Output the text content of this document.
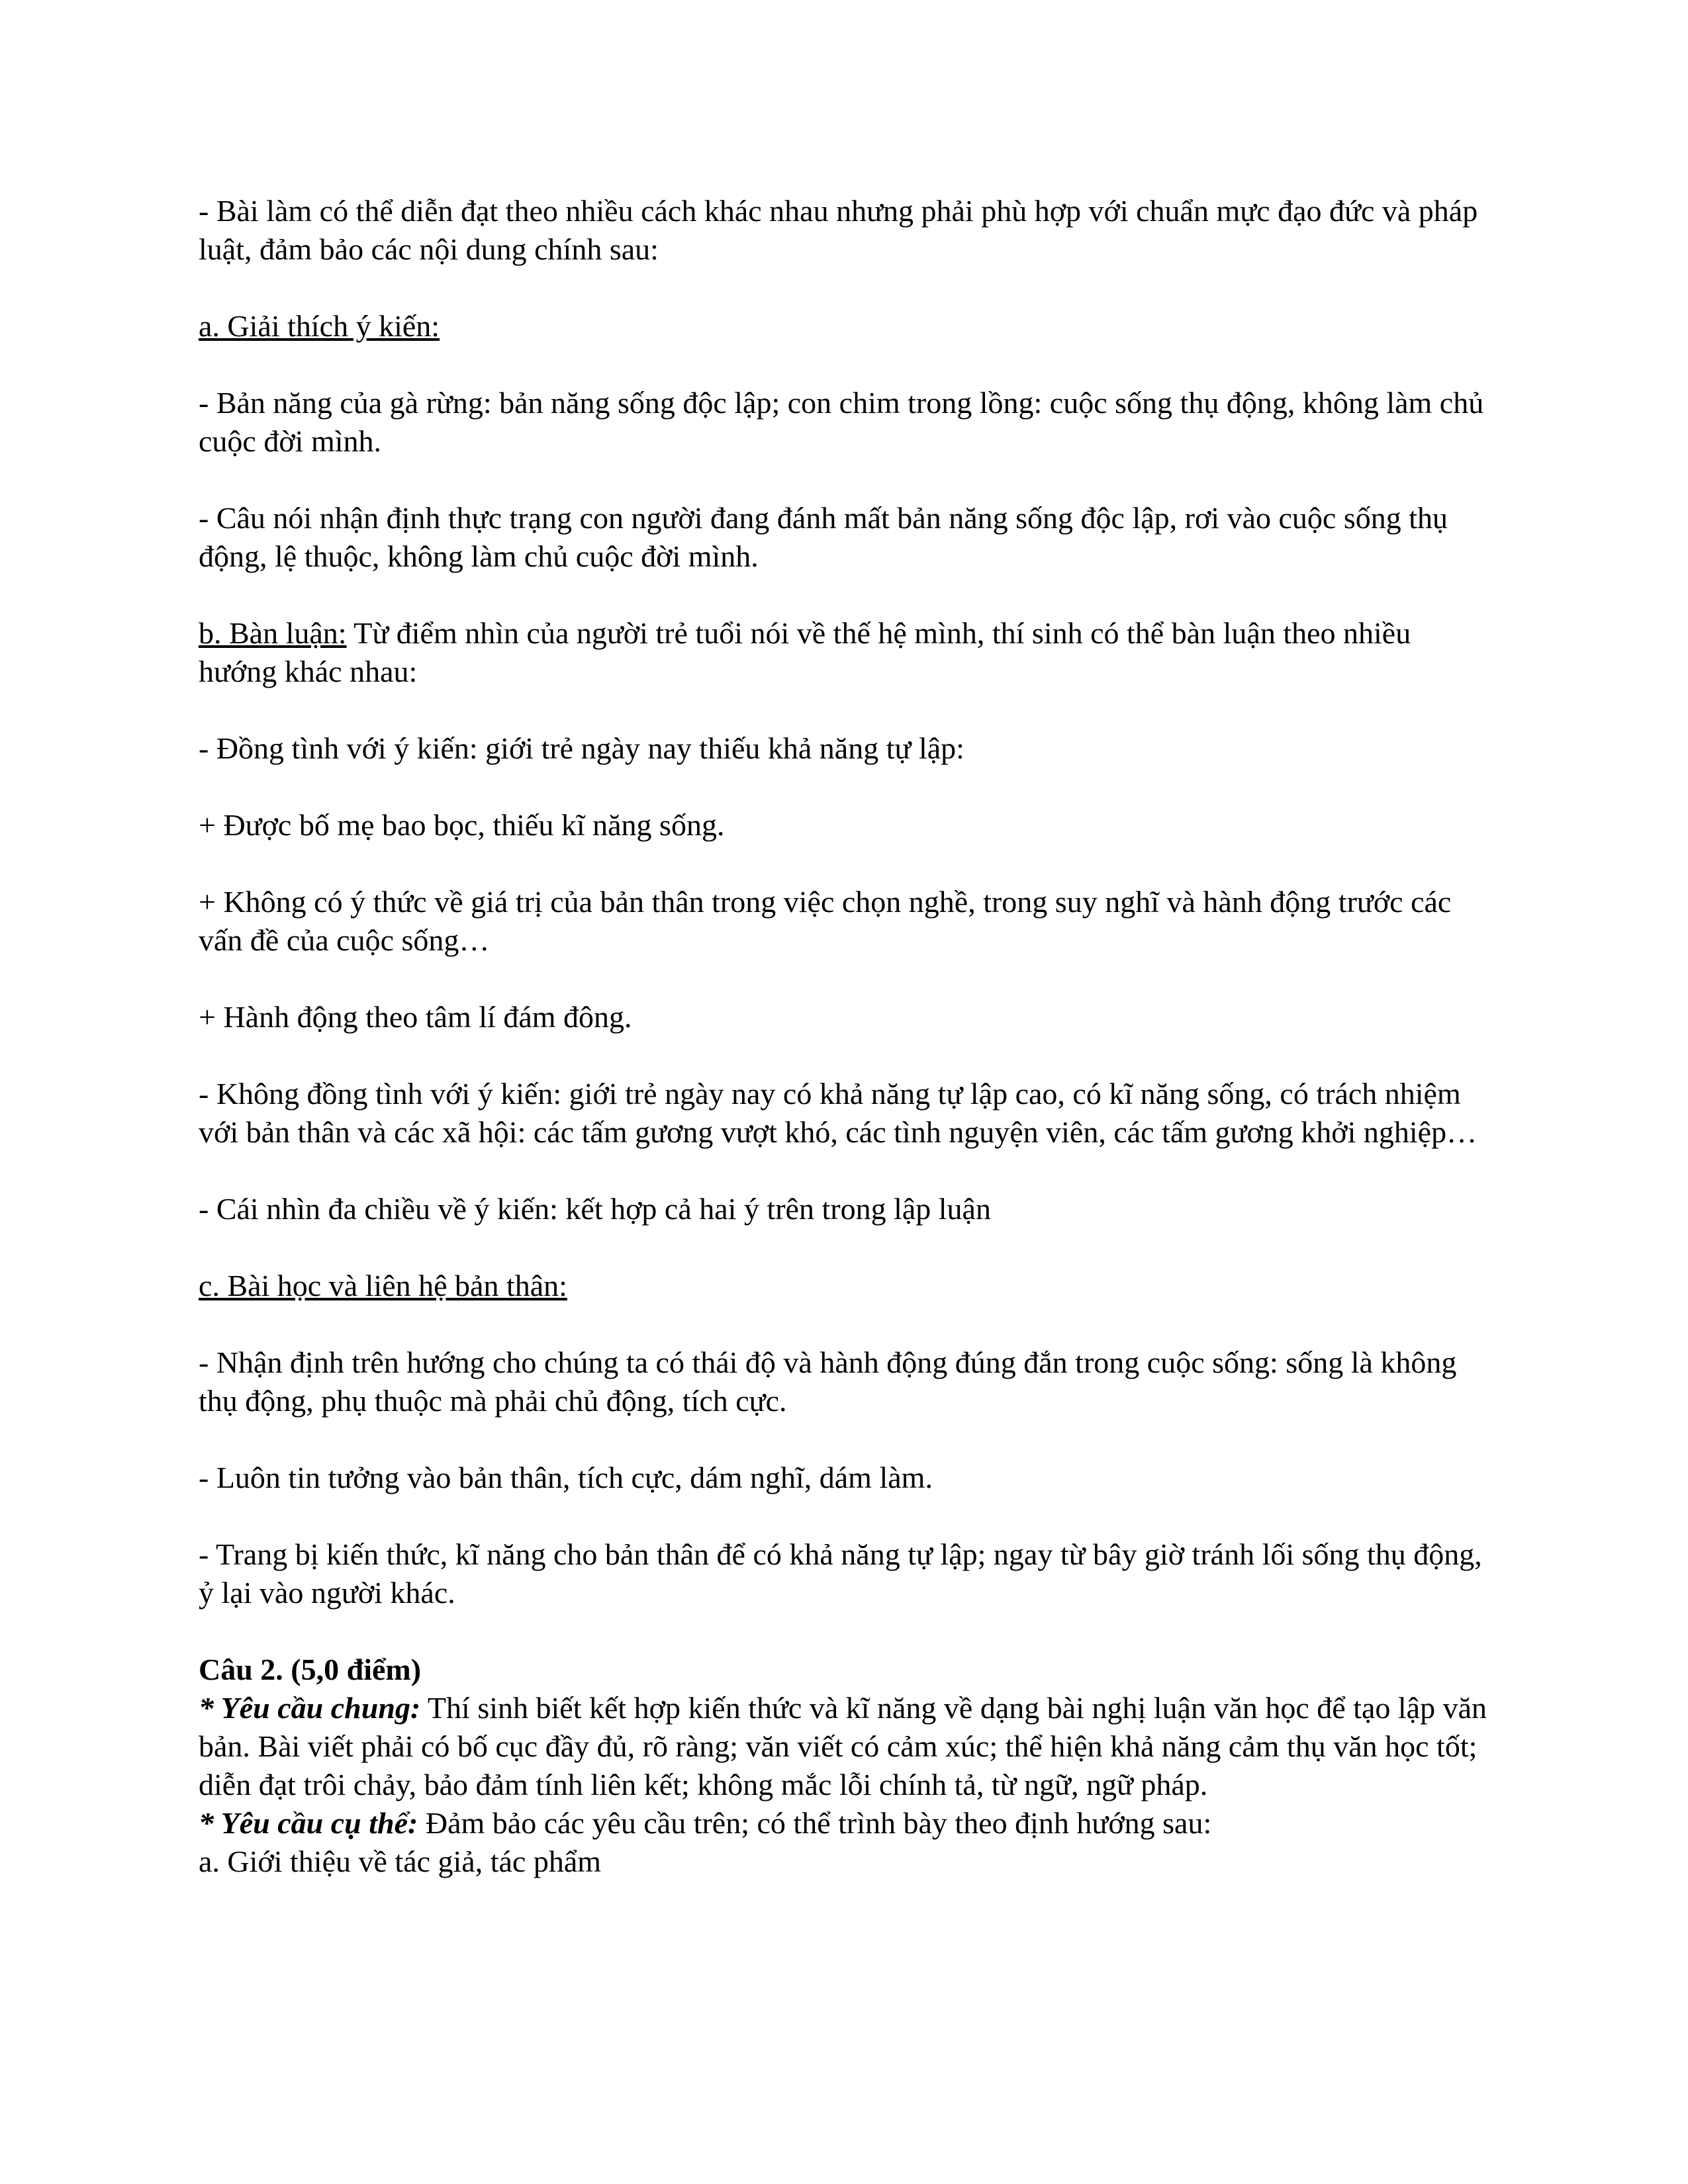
- Bài làm có thể diễn đạt theo nhiều cách khác nhau nhưng phải phù hợp với chuẩn mực đạo đức và pháp luật, đảm bảo các nội dung chính sau:

a. Giải thích ý kiến:

- Bản năng của gà rừng: bản năng sống độc lập; con chim trong lồng: cuộc sống thụ động, không làm chủ cuộc đời mình.

- Câu nói nhận định thực trạng con người đang đánh mất bản năng sống độc lập, rơi vào cuộc sống thụ động, lệ thuộc, không làm chủ cuộc đời mình.

b. Bàn luận: Từ điểm nhìn của người trẻ tuổi nói về thế hệ mình, thí sinh có thể bàn luận theo nhiều hướng khác nhau:

- Đồng tình với ý kiến: giới trẻ ngày nay thiếu khả năng tự lập:

+ Được bố mẹ bao bọc, thiếu kĩ năng sống.

+ Không có ý thức về giá trị của bản thân trong việc chọn nghề, trong suy nghĩ và hành động trước các vấn đề của cuộc sống…

+ Hành động theo tâm lí đám đông.

- Không đồng tình với ý kiến: giới trẻ ngày nay có khả năng tự lập cao, có kĩ năng sống, có trách nhiệm với bản thân và các xã hội: các tấm gương vượt khó, các tình nguyện viên, các tấm gương khởi nghiệp…

- Cái nhìn đa chiều về ý kiến: kết hợp cả hai ý trên trong lập luận

c. Bài học và liên hệ bản thân:

- Nhận định trên hướng cho chúng ta có thái độ và hành động đúng đắn trong cuộc sống: sống là không thụ động, phụ thuộc mà phải chủ động, tích cực.

- Luôn tin tưởng vào bản thân, tích cực, dám nghĩ, dám làm.

- Trang bị kiến thức, kĩ năng cho bản thân để có khả năng tự lập; ngay từ bây giờ tránh lối sống thụ động, ỷ lại vào người khác.

Câu 2. (5,0 điểm)

* Yêu cầu chung: Thí sinh biết kết hợp kiến thức và kĩ năng về dạng bài nghị luận văn học để tạo lập văn bản. Bài viết phải có bố cục đầy đủ, rõ ràng; văn viết có cảm xúc; thể hiện khả năng cảm thụ văn học tốt; diễn đạt trôi chảy, bảo đảm tính liên kết; không mắc lỗi chính tả, từ ngữ, ngữ pháp.

* Yêu cầu cụ thể: Đảm bảo các yêu cầu trên; có thể trình bày theo định hướng sau:

a. Giới thiệu về tác giả, tác phẩm
